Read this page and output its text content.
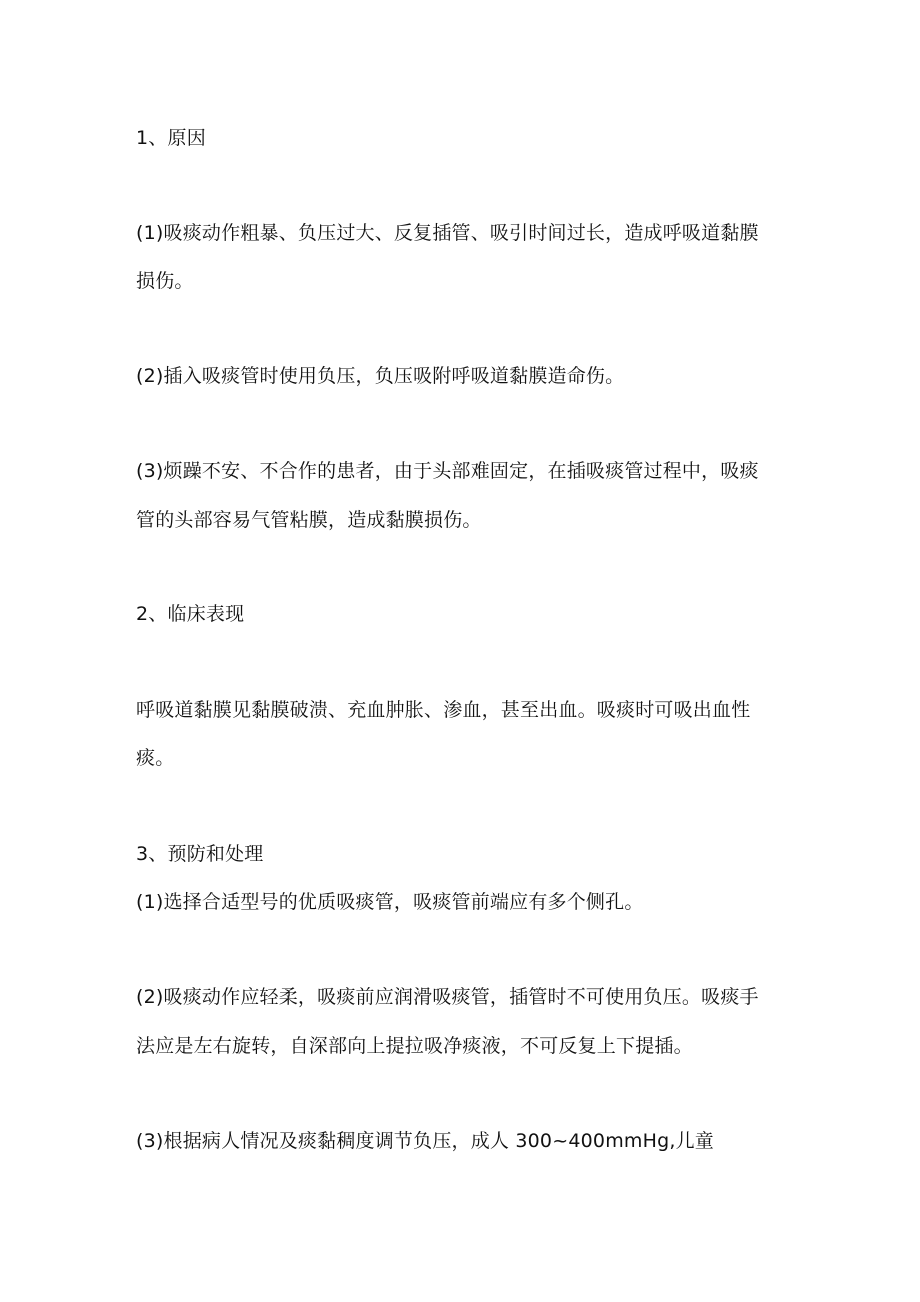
1、原因
(1)吸痰动作粗暴、负压过大、反复插管、吸引时间过长，造成呼吸道黏膜
损伤。
(2)插入吸痰管时使用负压，负压吸附呼吸道黏膜造命伤。
(3)烦躁不安、不合作的患者，由于头部难固定，在插吸痰管过程中，吸痰
管的头部容易气管粘膜，造成黏膜损伤。
2、临床表现
呼吸道黏膜见黏膜破溃、充血肿胀、渗血，甚至出血。吸痰时可吸出血性
痰。
3、预防和处理
(1)选择合适型号的优质吸痰管，吸痰管前端应有多个侧孔。
(2)吸痰动作应轻柔，吸痰前应润滑吸痰管，插管时不可使用负压。吸痰手
法应是左右旋转，自深部向上提拉吸净痰液，不可反复上下提插。
(3)根据病人情况及痰黏稠度调节负压，成人 300~400mmHg,儿童
